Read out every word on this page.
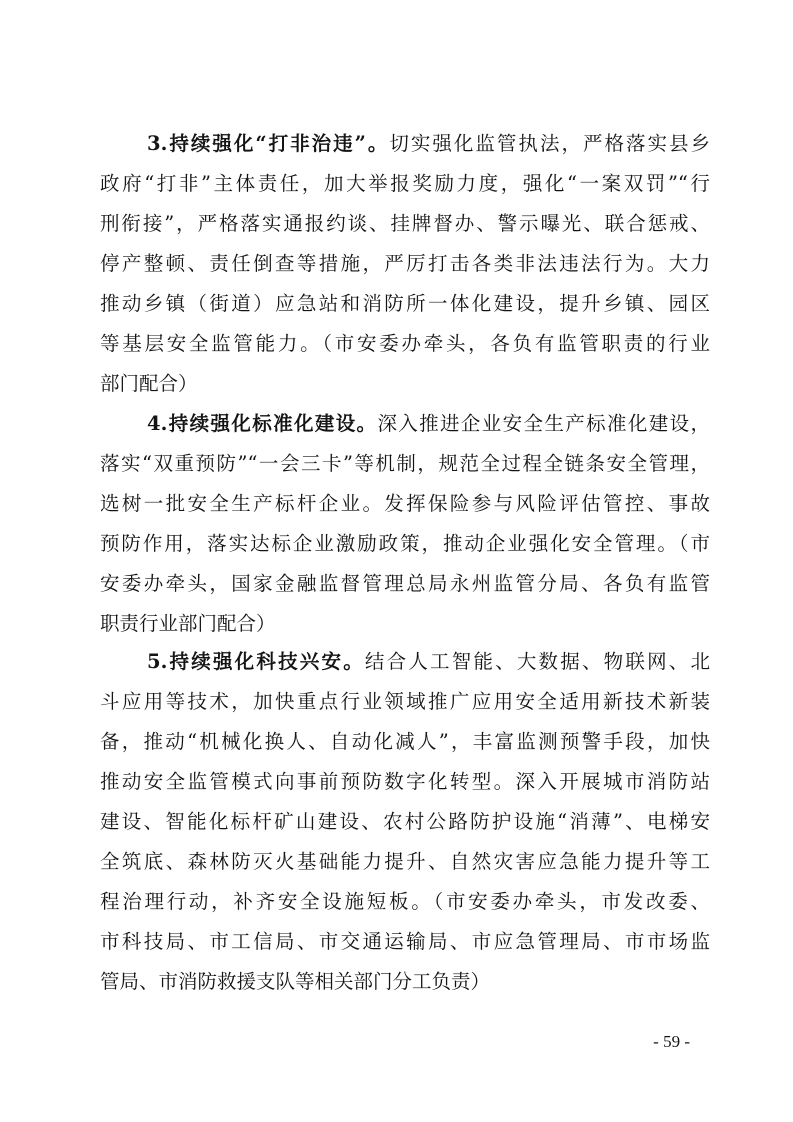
3.持续强化“打非治违”。切实强化监管执法，严格落实县乡
政府“打非”主体责任，加大举报奖励力度，强化“一案双罚”“行
刑衔接”，严格落实通报约谈、挂牌督办、警示曝光、联合惩戒、
停产整顿、责任倒查等措施，严厉打击各类非法违法行为。大力
推动乡镇（街道）应急站和消防所一体化建设，提升乡镇、园区
等基层安全监管能力。（市安委办牵头，各负有监管职责的行业
部门配合）
4.持续强化标准化建设。深入推进企业安全生产标准化建设，
落实“双重预防”“一会三卡”等机制，规范全过程全链条安全管理，
选树一批安全生产标杆企业。发挥保险参与风险评估管控、事故
预防作用，落实达标企业激励政策，推动企业强化安全管理。（市
安委办牵头，国家金融监督管理总局永州监管分局、各负有监管
职责行业部门配合）
5.持续强化科技兴安。结合人工智能、大数据、物联网、北
斗应用等技术，加快重点行业领域推广应用安全适用新技术新装
备，推动“机械化换人、自动化减人”，丰富监测预警手段，加快
推动安全监管模式向事前预防数字化转型。深入开展城市消防站
建设、智能化标杆矿山建设、农村公路防护设施“消薄”、电梯安
全筑底、森林防灭火基础能力提升、自然灾害应急能力提升等工
程治理行动，补齐安全设施短板。（市安委办牵头，市发改委、
市科技局、市工信局、市交通运输局、市应急管理局、市市场监
管局、市消防救援支队等相关部门分工负责）
- 59 -
